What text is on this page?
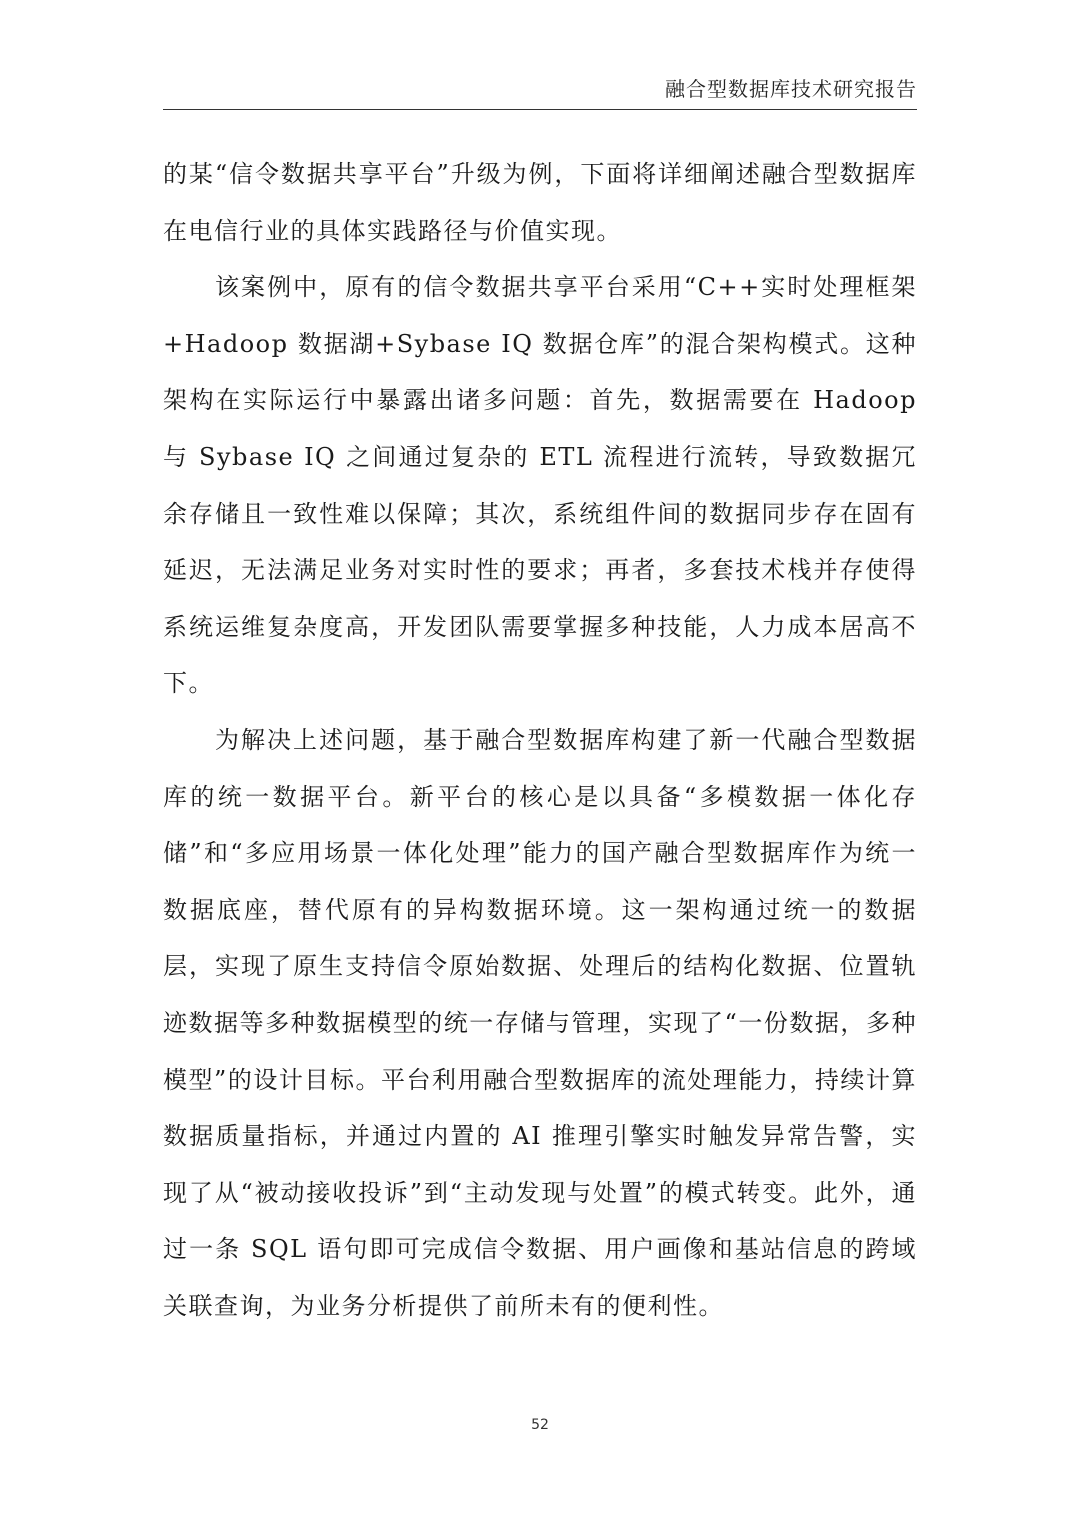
融合型数据库技术研究报告

的某“信令数据共享平台”升级为例，下面将详细阐述融合型数据库在电信行业的具体实践路径与价值实现。

该案例中，原有的信令数据共享平台采用“C++实时处理框架+Hadoop 数据湖+Sybase IQ 数据仓库”的混合架构模式。这种架构在实际运行中暴露出诸多问题：首先，数据需要在 Hadoop 与 Sybase IQ 之间通过复杂的 ETL 流程进行流转，导致数据冗余存储且一致性难以保障；其次，系统组件间的数据同步存在固有延迟，无法满足业务对实时性的要求；再者，多套技术栈并存使得系统运维复杂度高，开发团队需要掌握多种技能，人力成本居高不下。

为解决上述问题，基于融合型数据库构建了新一代融合型数据库的统一数据平台。新平台的核心是以具备“多模数据一体化存储”和“多应用场景一体化处理”能力的国产融合型数据库作为统一数据底座，替代原有的异构数据环境。这一架构通过统一的数据层，实现了原生支持信令原始数据、处理后的结构化数据、位置轨迹数据等多种数据模型的统一存储与管理，实现了“一份数据，多种模型”的设计目标。平台利用融合型数据库的流处理能力，持续计算数据质量指标，并通过内置的 AI 推理引擎实时触发异常告警，实现了从“被动接收投诉”到“主动发现与处置”的模式转变。此外，通过一条 SQL 语句即可完成信令数据、用户画像和基站信息的跨域关联查询，为业务分析提供了前所未有的便利性。

52
